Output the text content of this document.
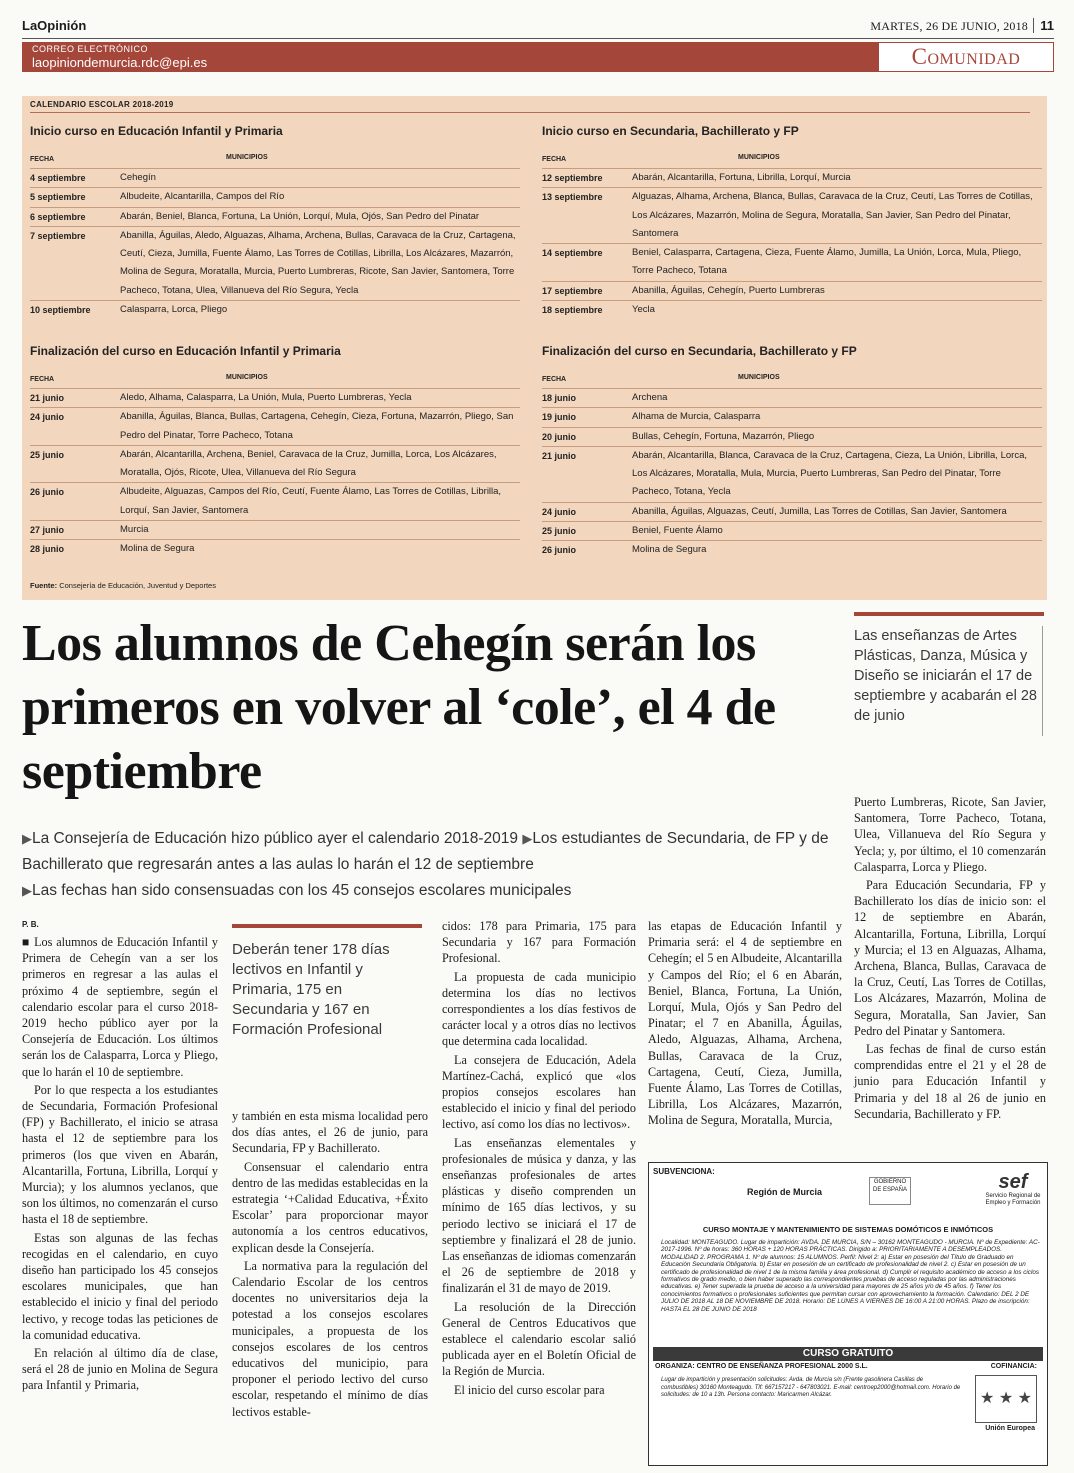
LaOpinión	MARTES, 26 DE JUNIO, 2018 11
CORREO ELECTRÓNICO
laopiniondemurcia.rdc@epi.es	Comunidad
CALENDARIO ESCOLAR 2018-2019
Inicio curso en Educación Infantil y Primaria
FECHA	MUNICIPIOS
4 septiembre	Cehegín
5 septiembre	Albudeite, Alcantarilla, Campos del Río
6 septiembre	Abarán, Beniel, Blanca, Fortuna, La Unión, Lorquí, Mula, Ojós, San Pedro del Pinatar
7 septiembre	Abanilla, Águilas, Aledo, Alguazas, Alhama, Archena, Bullas, Caravaca de la Cruz, Cartagena, Ceutí, Cieza, Jumilla, Fuente Álamo, Las Torres de Cotillas, Librilla, Los Alcázares, Mazarrón, Molina de Segura, Moratalla, Murcia, Puerto Lumbreras, Ricote, San Javier, Santomera, Torre Pacheco, Totana, Ulea, Villanueva del Río Segura, Yecla
10 septiembre	Calasparra, Lorca, Pliego
Inicio curso en Secundaria, Bachillerato y FP
FECHA	MUNICIPIOS
12 septiembre	Abarán, Alcantarilla, Fortuna, Librilla, Lorquí, Murcia
13 septiembre	Alguazas, Alhama, Archena, Blanca, Bullas, Caravaca de la Cruz, Ceutí, Las Torres de Cotillas, Los Alcázares, Mazarrón, Molina de Segura, Moratalla, San Javier, San Pedro del Pinatar, Santomera
14 septiembre	Beniel, Calasparra, Cartagena, Cieza, Fuente Álamo, Jumilla, La Unión, Lorca, Mula, Pliego, Torre Pacheco, Totana
17 septiembre	Abanilla, Águilas, Cehegín, Puerto Lumbreras
18 septiembre	Yecla
Finalización del curso en Educación Infantil y Primaria
FECHA	MUNICIPIOS
21 junio	Aledo, Alhama, Calasparra, La Unión, Mula, Puerto Lumbreras, Yecla
24 junio	Abanilla, Águilas, Blanca, Bullas, Cartagena, Cehegín, Cieza, Fortuna, Mazarrón, Pliego, San Pedro del Pinatar, Torre Pacheco, Totana
25 junio	Abarán, Alcantarilla, Archena, Beniel, Caravaca de la Cruz, Jumilla, Lorca, Los Alcázares, Moratalla, Ojós, Ricote, Ulea, Villanueva del Río Segura
26 junio	Albudeite, Alguazas, Campos del Río, Ceutí, Fuente Álamo, Las Torres de Cotillas, Librilla, Lorquí, San Javier, Santomera
27 junio	Murcia
28 junio	Molina de Segura
Finalización del curso en Secundaria, Bachillerato y FP
FECHA	MUNICIPIOS
18 junio	Archena
19 junio	Alhama de Murcia, Calasparra
20 junio	Bullas, Cehegín, Fortuna, Mazarrón, Pliego
21 junio	Abarán, Alcantarilla, Blanca, Caravaca de la Cruz, Cartagena, Cieza, La Unión, Librilla, Lorca, Los Alcázares, Moratalla, Mula, Murcia, Puerto Lumbreras, San Pedro del Pinatar, Torre Pacheco, Totana, Yecla
24 junio	Abanilla, Águilas, Alguazas, Ceutí, Jumilla, Las Torres de Cotillas, San Javier, Santomera
25 junio	Beniel, Fuente Álamo
26 junio	Molina de Segura
Fuente: Consejería de Educación, Juventud y Deportes
Los alumnos de Cehegín serán los primeros en volver al ‘cole’, el 4 de septiembre
Las enseñanzas de Artes Plásticas, Danza, Música y Diseño se iniciarán el 17 de septiembre y acabarán el 28 de junio
▶La Consejería de Educación hizo público ayer el calendario 2018-2019 ▶Los estudiantes de Secundaria, de FP y de Bachillerato que regresarán antes a las aulas lo harán el 12 de septiembre
▶Las fechas han sido consensuadas con los 45 consejos escolares municipales
P. B.

■ Los alumnos de Educación Infantil y Primera de Cehegín van a ser los primeros en regresar a las aulas el próximo 4 de septiembre, según el calendario escolar para el curso 2018-2019 hecho público ayer por la Consejería de Educación. Los últimos serán los de Calasparra, Lorca y Pliego, que lo harán el 10 de septiembre.

Por lo que respecta a los estudiantes de Secundaria, Formación Profesional (FP) y Bachillerato, el inicio se atrasa hasta el 12 de septiembre para los primeros (los que viven en Abarán, Alcantarilla, Fortuna, Librilla, Lorquí y Murcia); y los alumnos yeclanos, que son los últimos, no comenzarán el curso hasta el 18 de septiembre.

Estas son algunas de las fechas recogidas en el calendario, en cuyo diseño han participado los 45 consejos escolares municipales, que han establecido el inicio y final del periodo lectivo, y recoge todas las peticiones de la comunidad educativa.

En relación al último día de clase, será el 28 de junio en Molina de Segura para Infantil y Primaria,

Deberán tener 178 días lectivos en Infantil y Primaria, 175 en Secundaria y 167 en Formación Profesional

y también en esta misma localidad pero dos días antes, el 26 de junio, para Secundaria, FP y Bachillerato.

Consensuar el calendario entra dentro de las medidas establecidas en la estrategia ‘+Calidad Educativa, +Éxito Escolar’ para proporcionar mayor autonomía a los centros educativos, explican desde la Consejería.

La normativa para la regulación del Calendario Escolar de los centros docentes no universitarios deja la potestad a los consejos escolares municipales, a propuesta de los consejos escolares de los centros educativos del municipio, para proponer el periodo lectivo del curso escolar, respetando el mínimo de días lectivos estable-

cidos: 178 para Primaria, 175 para Secundaria y 167 para Formación Profesional.

La propuesta de cada municipio determina los días no lectivos correspondientes a los días festivos de carácter local y a otros días no lectivos que determina cada localidad.

La consejera de Educación, Adela Martínez-Cachá, explicó que «los propios consejos escolares han establecido el inicio y final del periodo lectivo, así como los días no lectivos».

Las enseñanzas elementales y profesionales de música y danza, y las enseñanzas profesionales de artes plásticas y diseño comprenden un mínimo de 165 días lectivos, y su periodo lectivo se iniciará el 17 de septiembre y finalizará el 28 de junio. Las enseñanzas de idiomas comenzarán el 26 de septiembre de 2018 y finalizarán el 31 de mayo de 2019.

La resolución de la Dirección General de Centros Educativos que establece el calendario escolar salió publicada ayer en el Boletín Oficial de la Región de Murcia.

El inicio del curso escolar para

las etapas de Educación Infantil y Primaria será: el 4 de septiembre en Cehegín; el 5 en Albudeite, Alcantarilla y Campos del Río; el 6 en Abarán, Beniel, Blanca, Fortuna, La Unión, Lorquí, Mula, Ojós y San Pedro del Pinatar; el 7 en Abanilla, Águilas, Aledo, Alguazas, Alhama, Archena, Bullas, Caravaca de la Cruz, Cartagena, Ceutí, Cieza, Jumilla, Fuente Álamo, Las Torres de Cotillas, Librilla, Los Alcázares, Mazarrón, Molina de Segura, Moratalla, Murcia,

Puerto Lumbreras, Ricote, San Javier, Santomera, Torre Pacheco, Totana, Ulea, Villanueva del Río Segura y Yecla; y, por último, el 10 comenzarán Calasparra, Lorca y Pliego.

Para Educación Secundaria, FP y Bachillerato los días de inicio son: el 12 de septiembre en Abarán, Alcantarilla, Fortuna, Librilla, Lorquí y Murcia; el 13 en Alguazas, Alhama, Archena, Blanca, Bullas, Caravaca de la Cruz, Ceutí, Las Torres de Cotillas, Los Alcázares, Mazarrón, Molina de Segura, Moratalla, San Javier, San Pedro del Pinatar y Santomera.

Las fechas de final de curso están comprendidas entre el 21 y el 28 de junio para Educación Infantil y Primaria y del 18 al 26 de junio en Secundaria, Bachillerato y FP.

SUBVENCIONA:
Región de Murcia
GOBIERNO DE ESPAÑA	sef
Servicio Regional de Empleo y Formación
CURSO MONTAJE Y MANTENIMIENTO DE SISTEMAS DOMÓTICOS E INMÓTICOS
Localidad: MONTEAGUDO. Lugar de impartición: AVDA. DE MURCIA, S/N – 30162 MONTEAGUDO - MURCIA. Nº de Expediente: AC-2017-1996. Nº de horas: 360 HORAS + 120 HORAS PRÁCTICAS. Dirigido a: PRIORITARIAMENTE A DESEMPLEADOS. MODALIDAD 2. PROGRAMA 1. Nº de alumnos: 15 ALUMNOS. Perfil: Nivel 2: a) Estar en posesión del Título de Graduado en Educación Secundaria Obligatoria. b) Estar en posesión de un certificado de profesionalidad de nivel 2. c) Estar en posesión de un certificado de profesionalidad de nivel 1 de la misma familia y área profesional. d) Cumplir el requisito académico de acceso a los ciclos formativos de grado medio, o bien haber superado las correspondientes pruebas de acceso reguladas por las administraciones educativas. e) Tener superada la prueba de acceso a la universidad para mayores de 25 años y/o de 45 años. f) Tener los conocimientos formativos o profesionales suficientes que permitan cursar con aprovechamiento la formación. Calendario: DEL 2 DE JULIO DE 2018 AL 18 DE NOVIEMBRE DE 2018. Horario: DE LUNES A VIERNES DE 16:00 A 21:00 HORAS. Plazo de inscripción: HASTA EL 28 DE JUNIO DE 2018
CURSO GRATUITO
ORGANIZA: CENTRO DE ENSEÑANZA PROFESIONAL 2000 S.L.	COFINANCIA:
Lugar de impartición y presentación solicitudes: Avda. de Murcia s/n (Frente gasolinera Casillas de combustibles) 30160 Monteagudo. Tlf: 667157217 - 647803021. E-mail: centroep2000@hotmail.com. Horario de solicitudes: de 10 a 13h. Persona contacto: Maricarmen Alcázar.	★ ★ ★
Unión Europea
